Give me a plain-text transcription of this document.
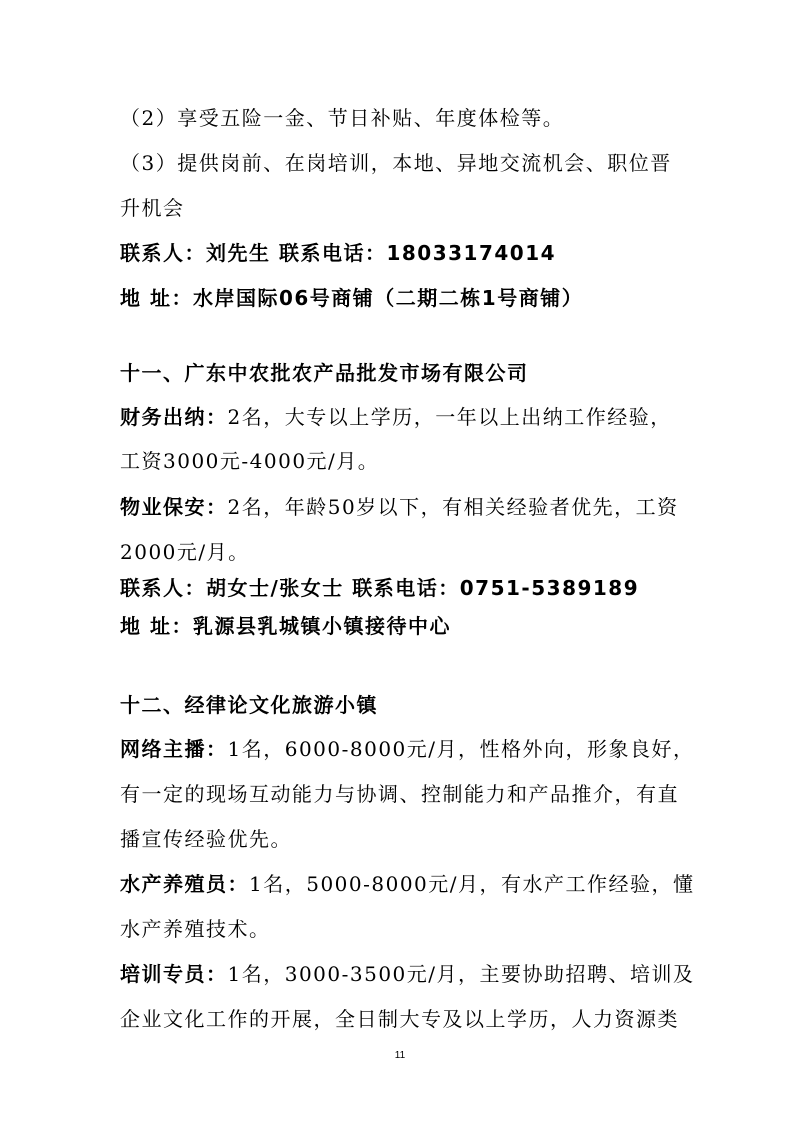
（2）享受五险一金、节日补贴、年度体检等。
（3）提供岗前、在岗培训，本地、异地交流机会、职位晋
升机会
联系人：刘先生 联系电话：18033174014
地 址：水岸国际06号商铺（二期二栋1号商铺）
十一、广东中农批农产品批发市场有限公司
财务出纳：2名，大专以上学历，一年以上出纳工作经验，
工资3000元-4000元/月。
物业保安：2名，年龄50岁以下，有相关经验者优先，工资
2000元/月。
联系人：胡女士/张女士 联系电话：0751-5389189
地 址：乳源县乳城镇小镇接待中心
十二、经律论文化旅游小镇
网络主播：1名，6000-8000元/月，性格外向，形象良好，
有一定的现场互动能力与协调、控制能力和产品推介，有直
播宣传经验优先。
水产养殖员：1名，5000-8000元/月，有水产工作经验，懂
水产养殖技术。
培训专员：1名，3000-3500元/月，主要协助招聘、培训及
企业文化工作的开展，全日制大专及以上学历，人力资源类
11
